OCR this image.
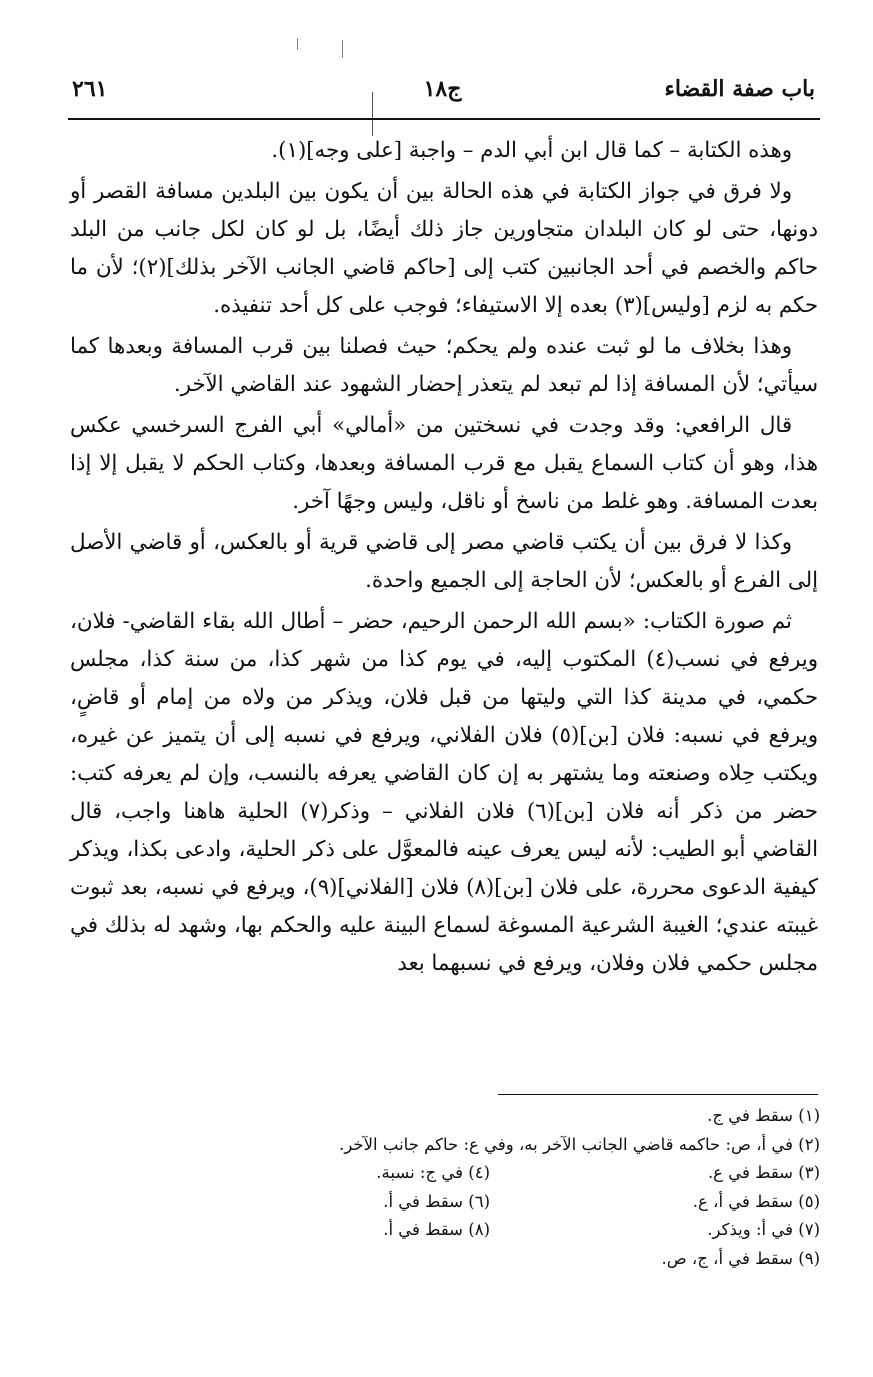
باب صفة القضاء
ج١٨
٢٦١

وهذه الكتابة – كما قال ابن أبي الدم – واجبة [على وجه](١).

ولا فرق في جواز الكتابة في هذه الحالة بين أن يكون بين البلدين مسافة القصر أو دونها، حتى لو كان البلدان متجاورين جاز ذلك أيضًا، بل لو كان لكل جانب من البلد حاكم والخصم في أحد الجانبين كتب إلى [حاكم قاضي الجانب الآخر بذلك](٢)؛ لأن ما حكم به لزم [وليس](٣) بعده إلا الاستيفاء؛ فوجب على كل أحد تنفيذه.

وهذا بخلاف ما لو ثبت عنده ولم يحكم؛ حيث فصلنا بين قرب المسافة وبعدها كما سيأتي؛ لأن المسافة إذا لم تبعد لم يتعذر إحضار الشهود عند القاضي الآخر.

قال الرافعي: وقد وجدت في نسختين من «أمالي» أبي الفرج السرخسي عكس هذا، وهو أن كتاب السماع يقبل مع قرب المسافة وبعدها، وكتاب الحكم لا يقبل إلا إذا بعدت المسافة. وهو غلط من ناسخ أو ناقل، وليس وجهًا آخر.

وكذا لا فرق بين أن يكتب قاضي مصر إلى قاضي قرية أو بالعكس، أو قاضي الأصل إلى الفرع أو بالعكس؛ لأن الحاجة إلى الجميع واحدة.

ثم صورة الكتاب: «بسم الله الرحمن الرحيم، حضر – أطال الله بقاء القاضي- فلان، ويرفع في نسب(٤) المكتوب إليه، في يوم كذا من شهر كذا، من سنة كذا، مجلس حكمي، في مدينة كذا التي وليتها من قبل فلان، ويذكر من ولاه من إمام أو قاضٍ، ويرفع في نسبه: فلان [بن](٥) فلان الفلاني، ويرفع في نسبه إلى أن يتميز عن غيره، ويكتب حِلاه وصنعته وما يشتهر به إن كان القاضي يعرفه بالنسب، وإن لم يعرفه كتب: حضر من ذكر أنه فلان [بن](٦) فلان الفلاني – وذكر(٧) الحلية هاهنا واجب، قال القاضي أبو الطيب: لأنه ليس يعرف عينه فالمعوَّل على ذكر الحلية، وادعى بكذا، ويذكر كيفية الدعوى محررة، على فلان [بن](٨) فلان [الفلاني](٩)، ويرفع في نسبه، بعد ثبوت غيبته عندي؛ الغيبة الشرعية المسوغة لسماع البينة عليه والحكم بها، وشهد له بذلك في مجلس حكمي فلان وفلان، ويرفع في نسبهما بعد

(١) سقط في ج.
(٢) في أ، ص: حاكمه قاضي الجانب الآخر به، وفي ع: حاكم جانب الآخر.
(٣) سقط في ع.
(٤) في ج: نسبة.
(٥) سقط في أ، ع.
(٦) سقط في أ.
(٧) في أ: ويذكر.
(٨) سقط في أ.
(٩) سقط في أ، ج، ص.
